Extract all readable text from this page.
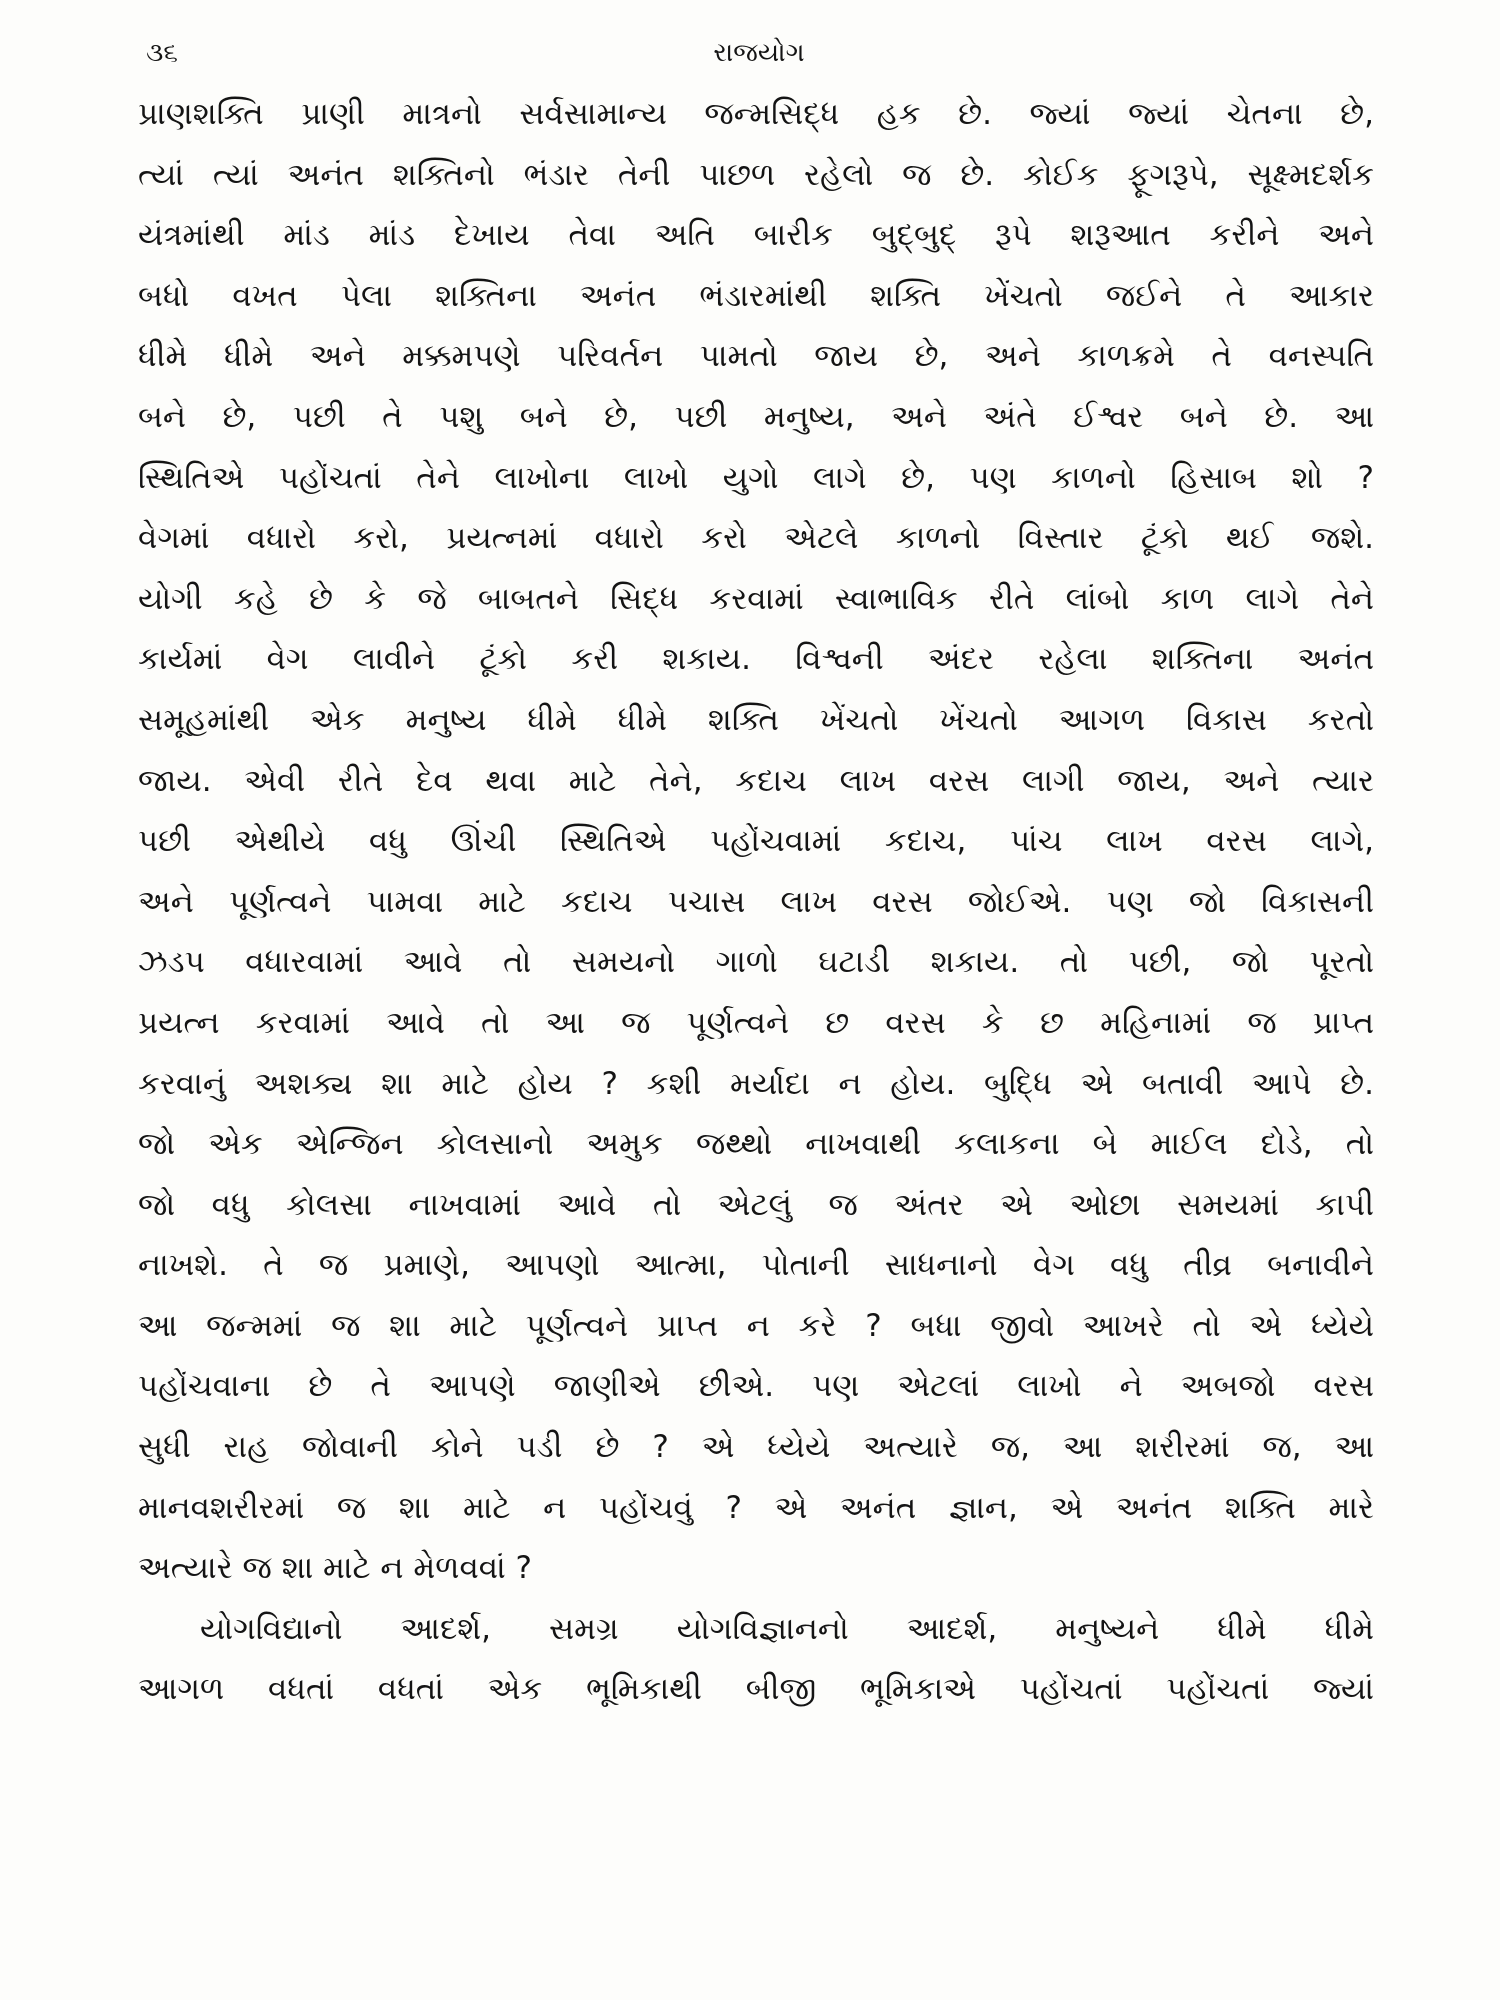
૩૬	રાજયોગ
પ્રાણશક્તિ પ્રાણી માત્રનો સર્વસામાન્ય જન્મસિદ્ધ હક છે. જ્યાં જ્યાં ચેતના છે,
ત્યાં ત્યાં અનંત શક્તિનો ભંડાર તેની પાછળ રહેલો જ છે. કોઈક ફૂગરૂપે, સૂક્ષ્મદર્શક
યંત્રમાંથી માંડ માંડ દેખાય તેવા અતિ બારીક બુદ્‌બુદ્‌ રૂપે શરૂઆત કરીને અને
બધો વખત પેલા શક્તિના અનંત ભંડારમાંથી શક્તિ ખેંચતો જઈને તે આકાર
ધીમે ધીમે અને મક્કમપણે પરિવર્તન પામતો જાય છે, અને કાળક્રમે તે વનસ્પતિ
બને છે, પછી તે પશુ બને છે, પછી મનુષ્ય, અને અંતે ઈશ્વર બને છે. આ
સ્થિતિએ પહોંચતાં તેને લાખોના લાખો યુગો લાગે છે, પણ કાળનો હિસાબ શો ?
વેગમાં વધારો કરો, પ્રયત્નમાં વધારો કરો એટલે કાળનો વિસ્તાર ટૂંકો થઈ જશે.
યોગી કહે છે કે જે બાબતને સિદ્ધ કરવામાં સ્વાભાવિક રીતે લાંબો કાળ લાગે તેને
કાર્યમાં વેગ લાવીને ટૂંકો કરી શકાય. વિશ્વની અંદર રહેલા શક્તિના અનંત
સમૂહમાંથી એક મનુષ્ય ધીમે ધીમે શક્તિ ખેંચતો ખેંચતો આગળ વિકાસ કરતો
જાય. એવી રીતે દેવ થવા માટે તેને, કદાચ લાખ વરસ લાગી જાય, અને ત્યાર
પછી એથીયે વધુ ઊંચી સ્થિતિએ પહોંચવામાં કદાચ, પાંચ લાખ વરસ લાગે,
અને પૂર્ણત્વને પામવા માટે કદાચ પચાસ લાખ વરસ જોઈએ. પણ જો વિકાસની
ઝડપ વધારવામાં આવે તો સમયનો ગાળો ઘટાડી શકાય. તો પછી, જો પૂરતો
પ્રયત્ન કરવામાં આવે તો આ જ પૂર્ણત્વને છ વરસ કે છ મહિનામાં જ પ્રાપ્ત
કરવાનું અશક્ય શા માટે હોય ? કશી મર્યાદા ન હોય. બુદ્ધિ એ બતાવી આપે છે.
જો એક એન્જિન કોલસાનો અમુક જથ્થો નાખવાથી કલાકના બે માઈલ દોડે, તો
જો વધુ કોલસા નાખવામાં આવે તો એટલું જ અંતર એ ઓછા સમયમાં કાપી
નાખશે. તે જ પ્રમાણે, આપણો આત્મા, પોતાની સાધનાનો વેગ વધુ તીવ્ર બનાવીને
આ જન્મમાં જ શા માટે પૂર્ણત્વને પ્રાપ્ત ન કરે ? બધા જીવો આખરે તો એ ધ્યેયે
પહોંચવાના છે તે આપણે જાણીએ છીએ. પણ એટલાં લાખો ને અબજો વરસ
સુધી રાહ જોવાની કોને પડી છે ? એ ધ્યેયે અત્યારે જ, આ શરીરમાં જ, આ
માનવશરીરમાં જ શા માટે ન પહોંચવું ? એ અનંત જ્ઞાન, એ અનંત શક્તિ મારે
અત્યારે જ શા માટે ન મેળવવાં ?
યોગવિદ્યાનો આદર્શ, સમગ્ર યોગવિજ્ઞાનનો આદર્શ, મનુષ્યને ધીમે ધીમે
આગળ વધતાં વધતાં એક ભૂમિકાથી બીજી ભૂમિકાએ પહોંચતાં પહોંચતાં જ્યાં
